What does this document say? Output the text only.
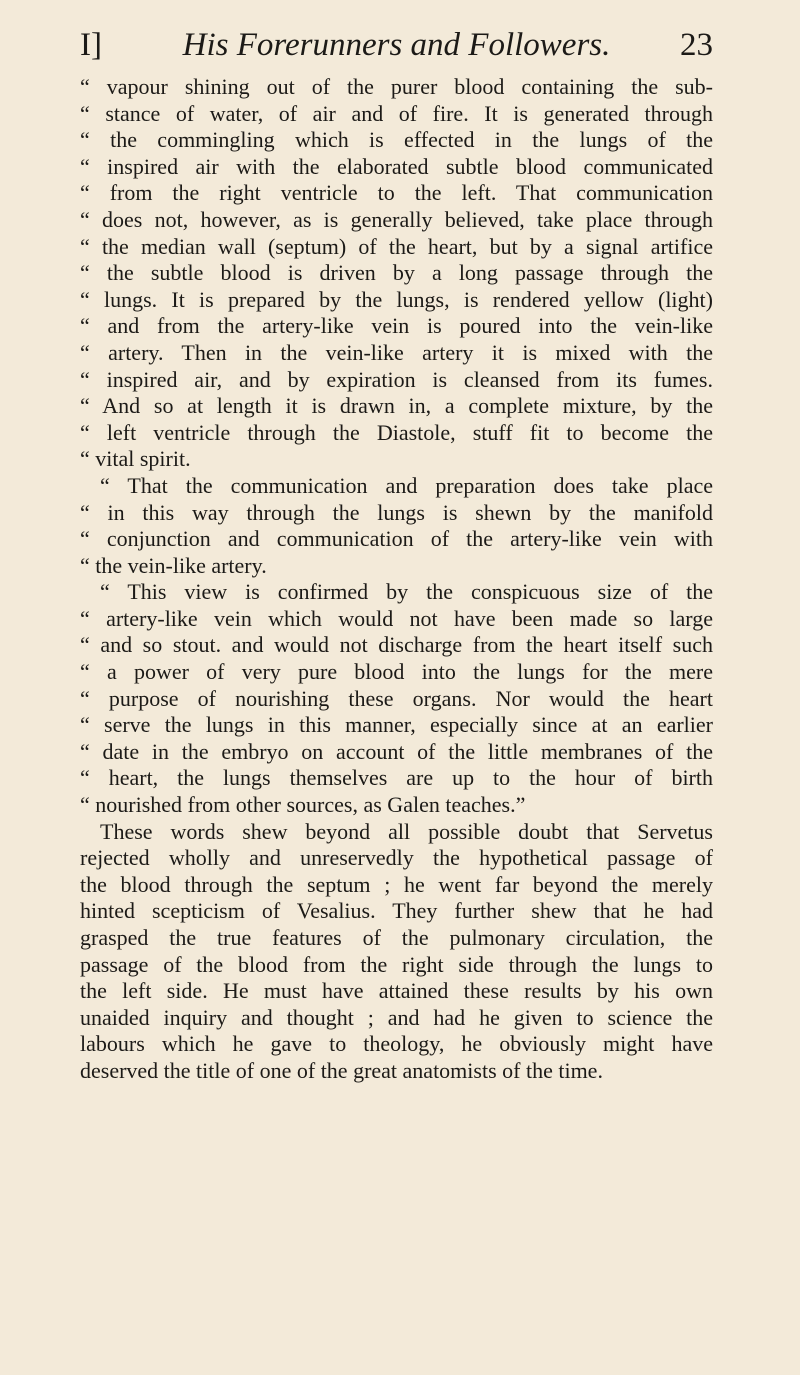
I]	His Forerunners and Followers.	23
“ vapour shining out of the purer blood containing the sub-
“ stance of water, of air and of fire. It is generated through
“ the commingling which is effected in the lungs of the
“ inspired air with the elaborated subtle blood communicated
“ from the right ventricle to the left. That communication
“ does not, however, as is generally believed, take place through
“ the median wall (septum) of the heart, but by a signal artifice
“ the subtle blood is driven by a long passage through the
“ lungs. It is prepared by the lungs, is rendered yellow (light)
“ and from the artery-like vein is poured into the vein-like
“ artery. Then in the vein-like artery it is mixed with the
“ inspired air, and by expiration is cleansed from its fumes.
“ And so at length it is drawn in, a complete mixture, by the
“ left ventricle through the Diastole, stuff fit to become the
“ vital spirit.
“ That the communication and preparation does take place
“ in this way through the lungs is shewn by the manifold
“ conjunction and communication of the artery-like vein with
“ the vein-like artery.
“ This view is confirmed by the conspicuous size of the
“ artery-like vein which would not have been made so large
“ and so stout. and would not discharge from the heart itself such
“ a power of very pure blood into the lungs for the mere
“ purpose of nourishing these organs. Nor would the heart
“ serve the lungs in this manner, especially since at an earlier
“ date in the embryo on account of the little membranes of the
“ heart, the lungs themselves are up to the hour of birth
“ nourished from other sources, as Galen teaches.”
These words shew beyond all possible doubt that Servetus
rejected wholly and unreservedly the hypothetical passage of
the blood through the septum ; he went far beyond the merely
hinted scepticism of Vesalius. They further shew that he had
grasped the true features of the pulmonary circulation, the
passage of the blood from the right side through the lungs to
the left side. He must have attained these results by his own
unaided inquiry and thought ; and had he given to science the
labours which he gave to theology, he obviously might have
deserved the title of one of the great anatomists of the time.
